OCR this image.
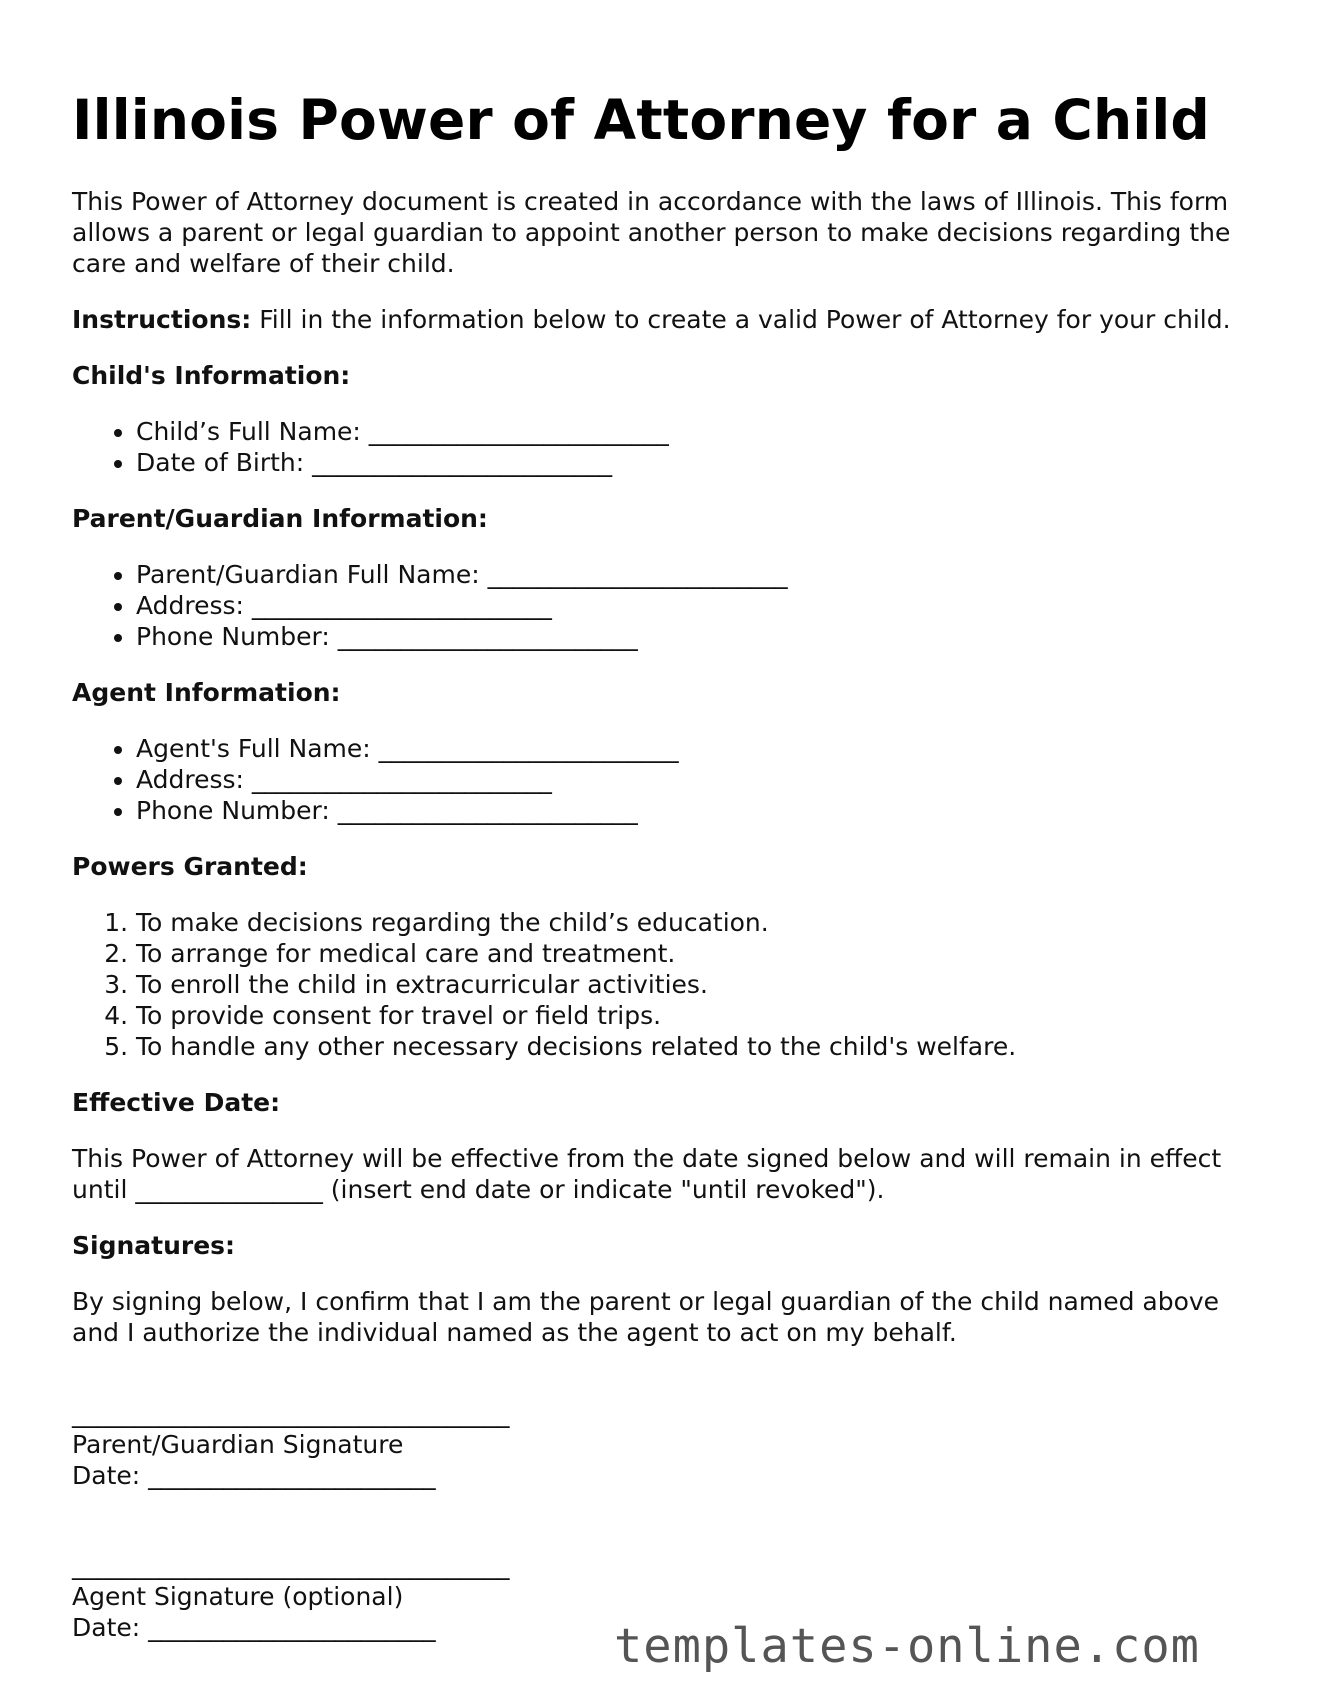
Illinois Power of Attorney for a Child

This Power of Attorney document is created in accordance with the laws of Illinois. This form allows a parent or legal guardian to appoint another person to make decisions regarding the care and welfare of their child.

Instructions: Fill in the information below to create a valid Power of Attorney for your child.

Child's Information:
• Child’s Full Name: ________________________
• Date of Birth: ________________________
Parent/Guardian Information:
• Parent/Guardian Full Name: ________________________
• Address: ________________________
• Phone Number: ________________________
Agent Information:
• Agent's Full Name: ________________________
• Address: ________________________
• Phone Number: ________________________
Powers Granted:
1. To make decisions regarding the child’s education.
2. To arrange for medical care and treatment.
3. To enroll the child in extracurricular activities.
4. To provide consent for travel or field trips.
5. To handle any other necessary decisions related to the child's welfare.
Effective Date:

This Power of Attorney will be effective from the date signed below and will remain in effect until _______________ (insert end date or indicate "until revoked").

Signatures:

By signing below, I confirm that I am the parent or legal guardian of the child named above and I authorize the individual named as the agent to act on my behalf.

___________________________________
Parent/Guardian Signature
Date: _______________________
___________________________________
Agent Signature (optional)
Date: _______________________	templates-online.com
